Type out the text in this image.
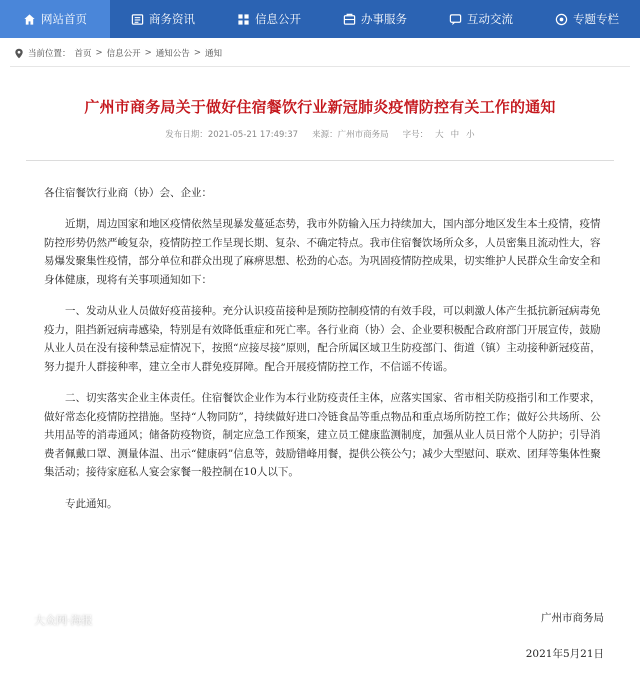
网站首页	商务资讯	信息公开	办事服务	互动交流	专题专栏
当前位置： 首页 > 信息公开 > 通知公告 > 通知
广州市商务局关于做好住宿餐饮行业新冠肺炎疫情防控有关工作的通知
发布日期：2021-05-21 17:49:37 来源：广州市商务局 字号： 大 中 小
各住宿餐饮行业商（协）会、企业：
近期，周边国家和地区疫情依然呈现暴发蔓延态势，我市外防输入压力持续加大，国内部分地区发生本土疫情，疫情防控形势仍然严峻复杂，疫情防控工作呈现长期、复杂、不确定特点。我市住宿餐饮场所众多，人员密集且流动性大，容易爆发聚集性疫情，部分单位和群众出现了麻痹思想、松劲的心态。为巩固疫情防控成果，切实维护人民群众生命安全和身体健康，现将有关事项通知如下：
一、发动从业人员做好疫苗接种。充分认识疫苗接种是预防控制疫情的有效手段，可以刺激人体产生抵抗新冠病毒免疫力，阻挡新冠病毒感染，特别是有效降低重症和死亡率。各行业商（协）会、企业要积极配合政府部门开展宣传，鼓励从业人员在没有接种禁忌症情况下，按照“应接尽接”原则，配合所属区域卫生防疫部门、街道（镇）主动接种新冠疫苗，努力提升人群接种率，建立全市人群免疫屏障。配合开展疫情防控工作，不信谣不传谣。
二、切实落实企业主体责任。住宿餐饮企业作为本行业防疫责任主体，应落实国家、省市相关防疫指引和工作要求，做好常态化疫情防控措施。坚持“人物同防”，持续做好进口冷链食品等重点物品和重点场所防控工作；做好公共场所、公共用品等的消毒通风；储备防疫物资，制定应急工作预案，建立员工健康监测制度，加强从业人员日常个人防护；引导消费者佩戴口罩、测量体温、出示“健康码”信息等，鼓励错峰用餐，提供公筷公勺；减少大型慰问、联欢、团拜等集体性聚集活动；接待家庭私人宴会家餐一般控制在10人以下。
专此通知。
广州市商务局
2021年5月21日
大众网·海报
